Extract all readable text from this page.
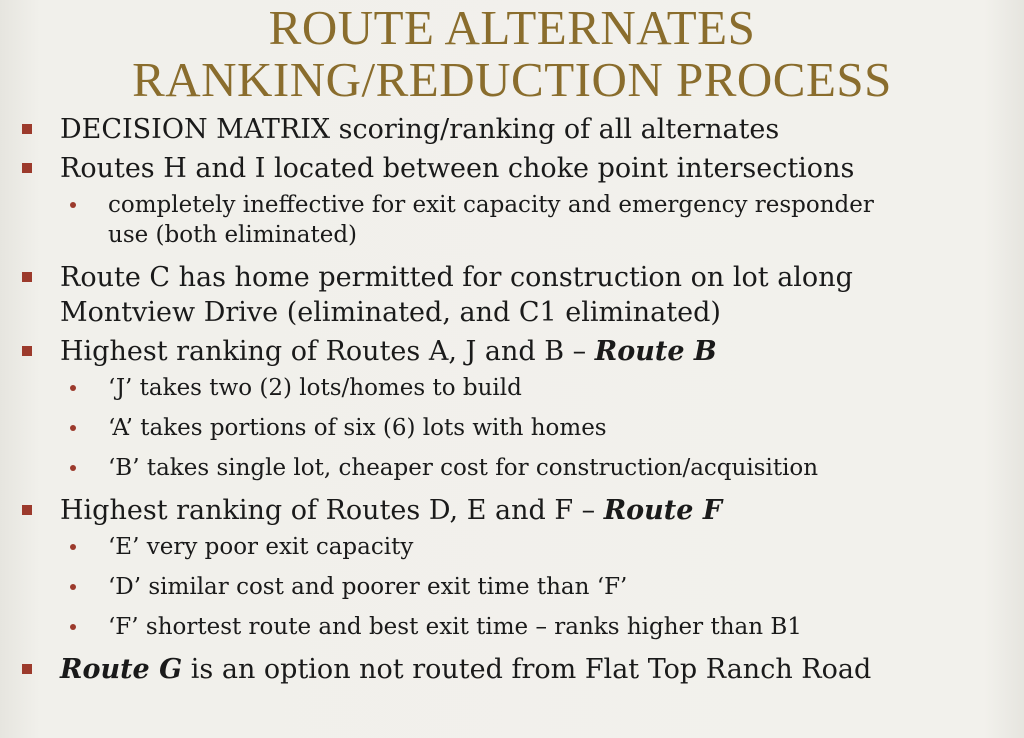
ROUTE ALTERNATES
RANKING/REDUCTION PROCESS
DECISION MATRIX scoring/ranking of all alternates
Routes H and I located between choke point intersections
completely ineffective for exit capacity and emergency responder
use (both eliminated)
Route C has home permitted for construction on lot along
Montview Drive (eliminated, and C1 eliminated)
Highest ranking of Routes A, J and B – Route B
‘J’ takes two (2) lots/homes to build
‘A’ takes portions of six (6) lots with homes
‘B’ takes single lot, cheaper cost for construction/acquisition
Highest ranking of Routes D, E and F – Route F
‘E’ very poor exit capacity
‘D’ similar cost and poorer exit time than ‘F’
‘F’ shortest route and best exit time – ranks higher than B1
Route G is an option not routed from Flat Top Ranch Road
